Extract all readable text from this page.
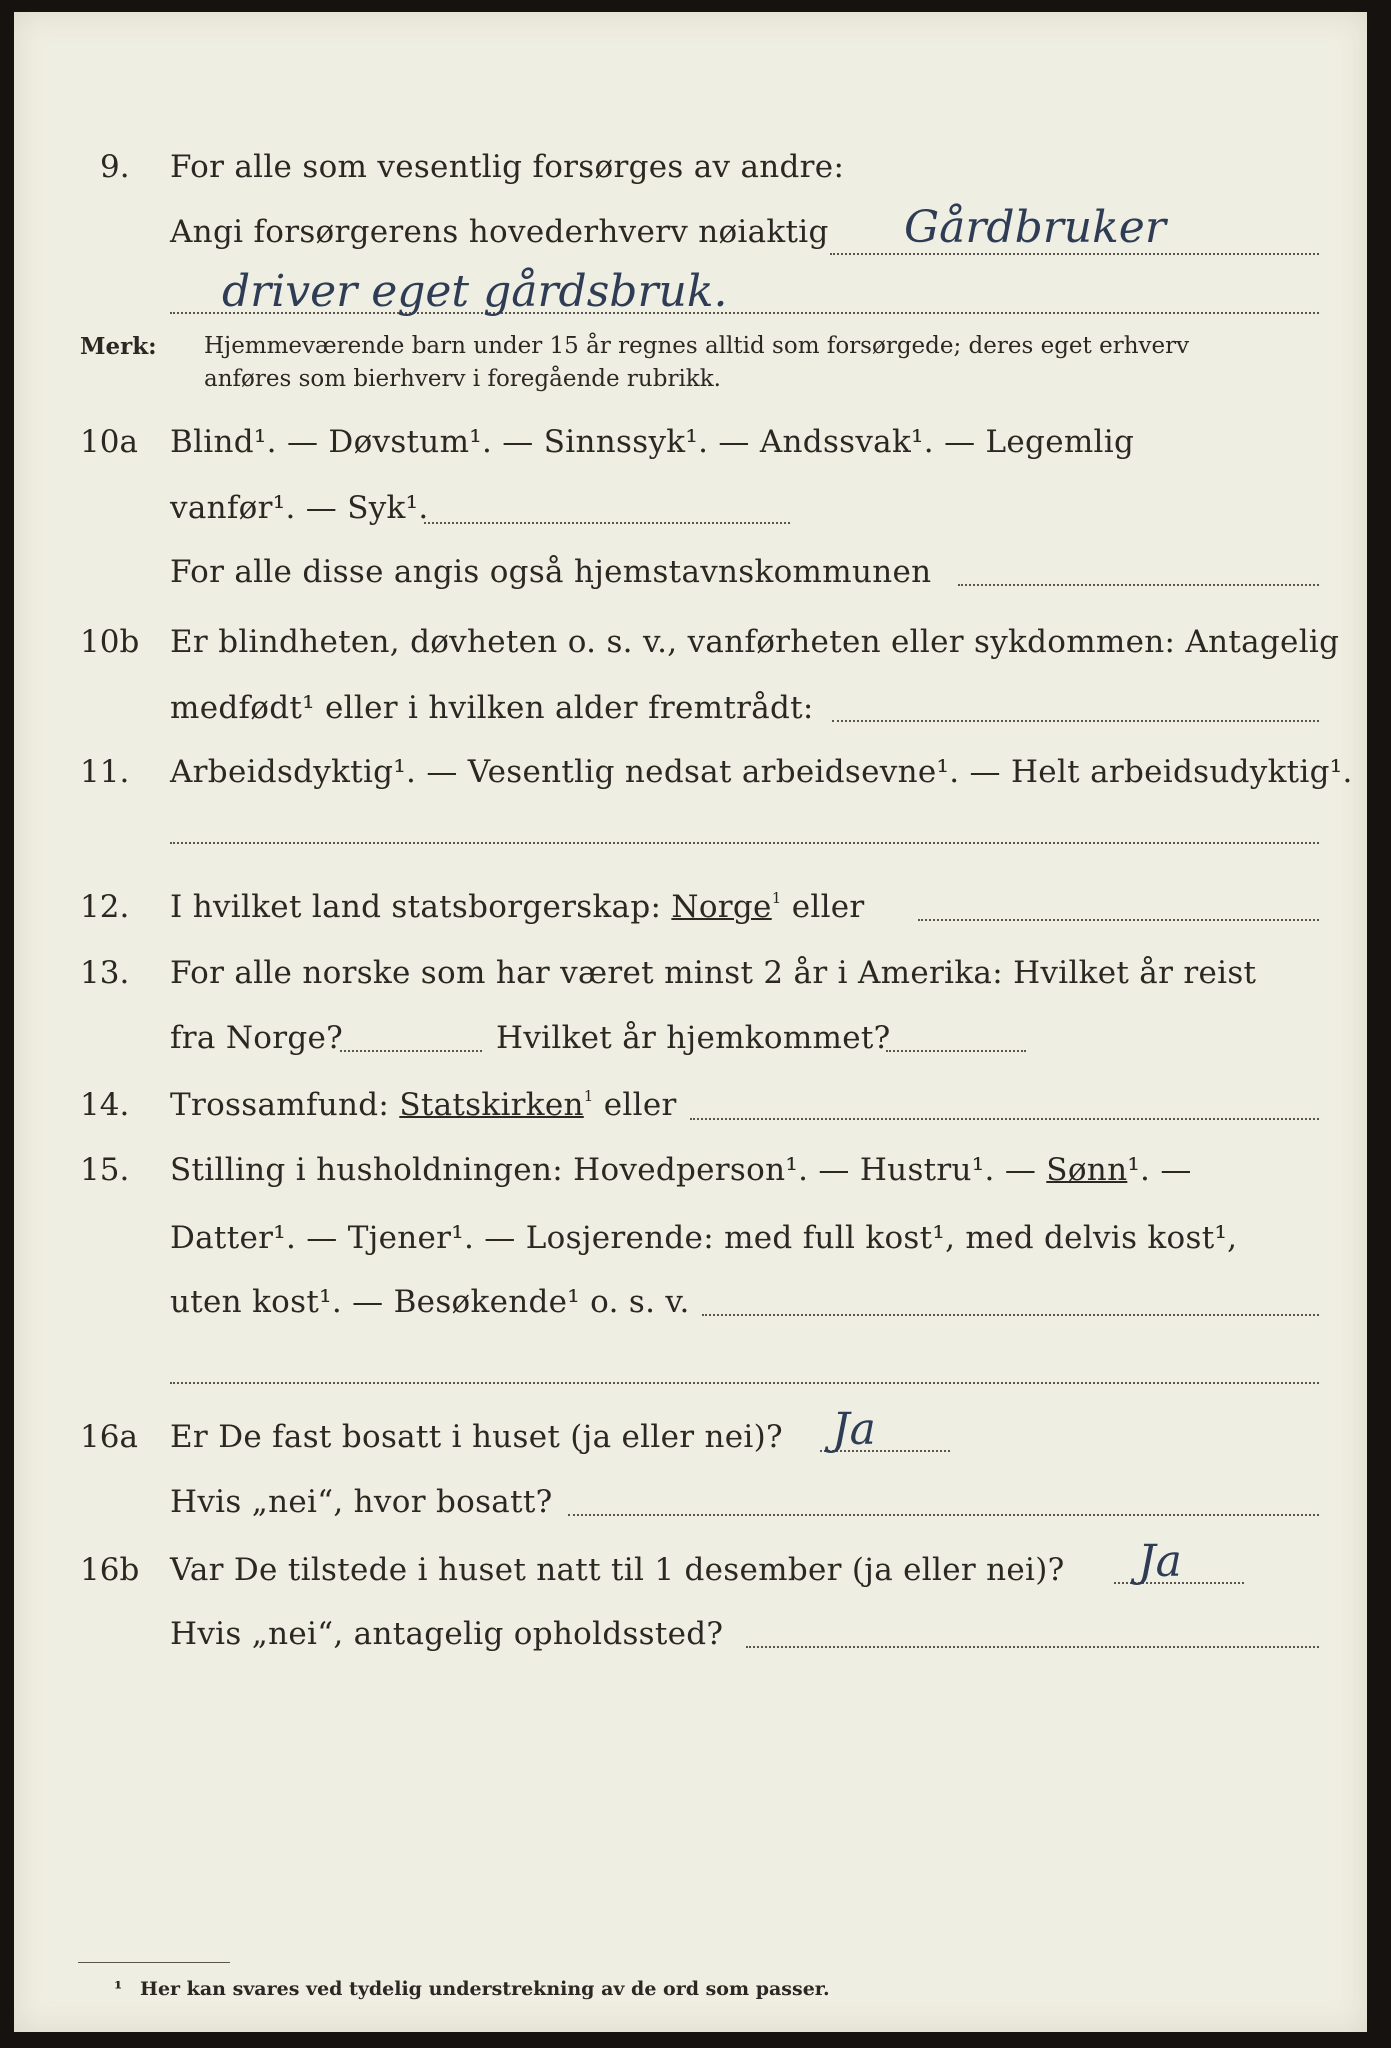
9. For alle som vesentlig forsørges av andre:
Angi forsørgerens hovederhverv nøiaktig Gårdbruker
driver eget gårdsbruk.
Merk: Hjemmeværende barn under 15 år regnes alltid som forsørgede; deres eget erhverv
anføres som bierhverv i foregående rubrikk.
10a Blind¹. — Døvstum¹. — Sinnssyk¹. — Andssvak¹. — Legemlig
vanfør¹. — Syk¹.
For alle disse angis også hjemstavnskommunen
10b Er blindheten, døvheten o. s. v., vanførheten eller sykdommen: Antagelig
medfødt¹ eller i hvilken alder fremtrådt:
11. Arbeidsdyktig¹. — Vesentlig nedsat arbeidsevne¹. — Helt arbeidsudyktig¹.
12. I hvilket land statsborgerskap: Norge$^1$ eller
13. For alle norske som har været minst 2 år i Amerika: Hvilket år reist
fra Norge?	Hvilket år hjemkommet?
14. Trossamfund: Statskirken$^1$ eller
15. Stilling i husholdningen: Hovedperson¹. — Hustru¹. — Sønn¹. —
Datter¹. — Tjener¹. — Losjerende: med full kost¹, med delvis kost¹,
uten kost¹. — Besøkende¹ o. s. v.
16a Er De fast bosatt i huset (ja eller nei)? Ja
Hvis „nei“, hvor bosatt?
16b Var De tilstede i huset natt til 1 desember (ja eller nei)? Ja
Hvis „nei“, antagelig opholdssted?
¹ Her kan svares ved tydelig understrekning av de ord som passer.
